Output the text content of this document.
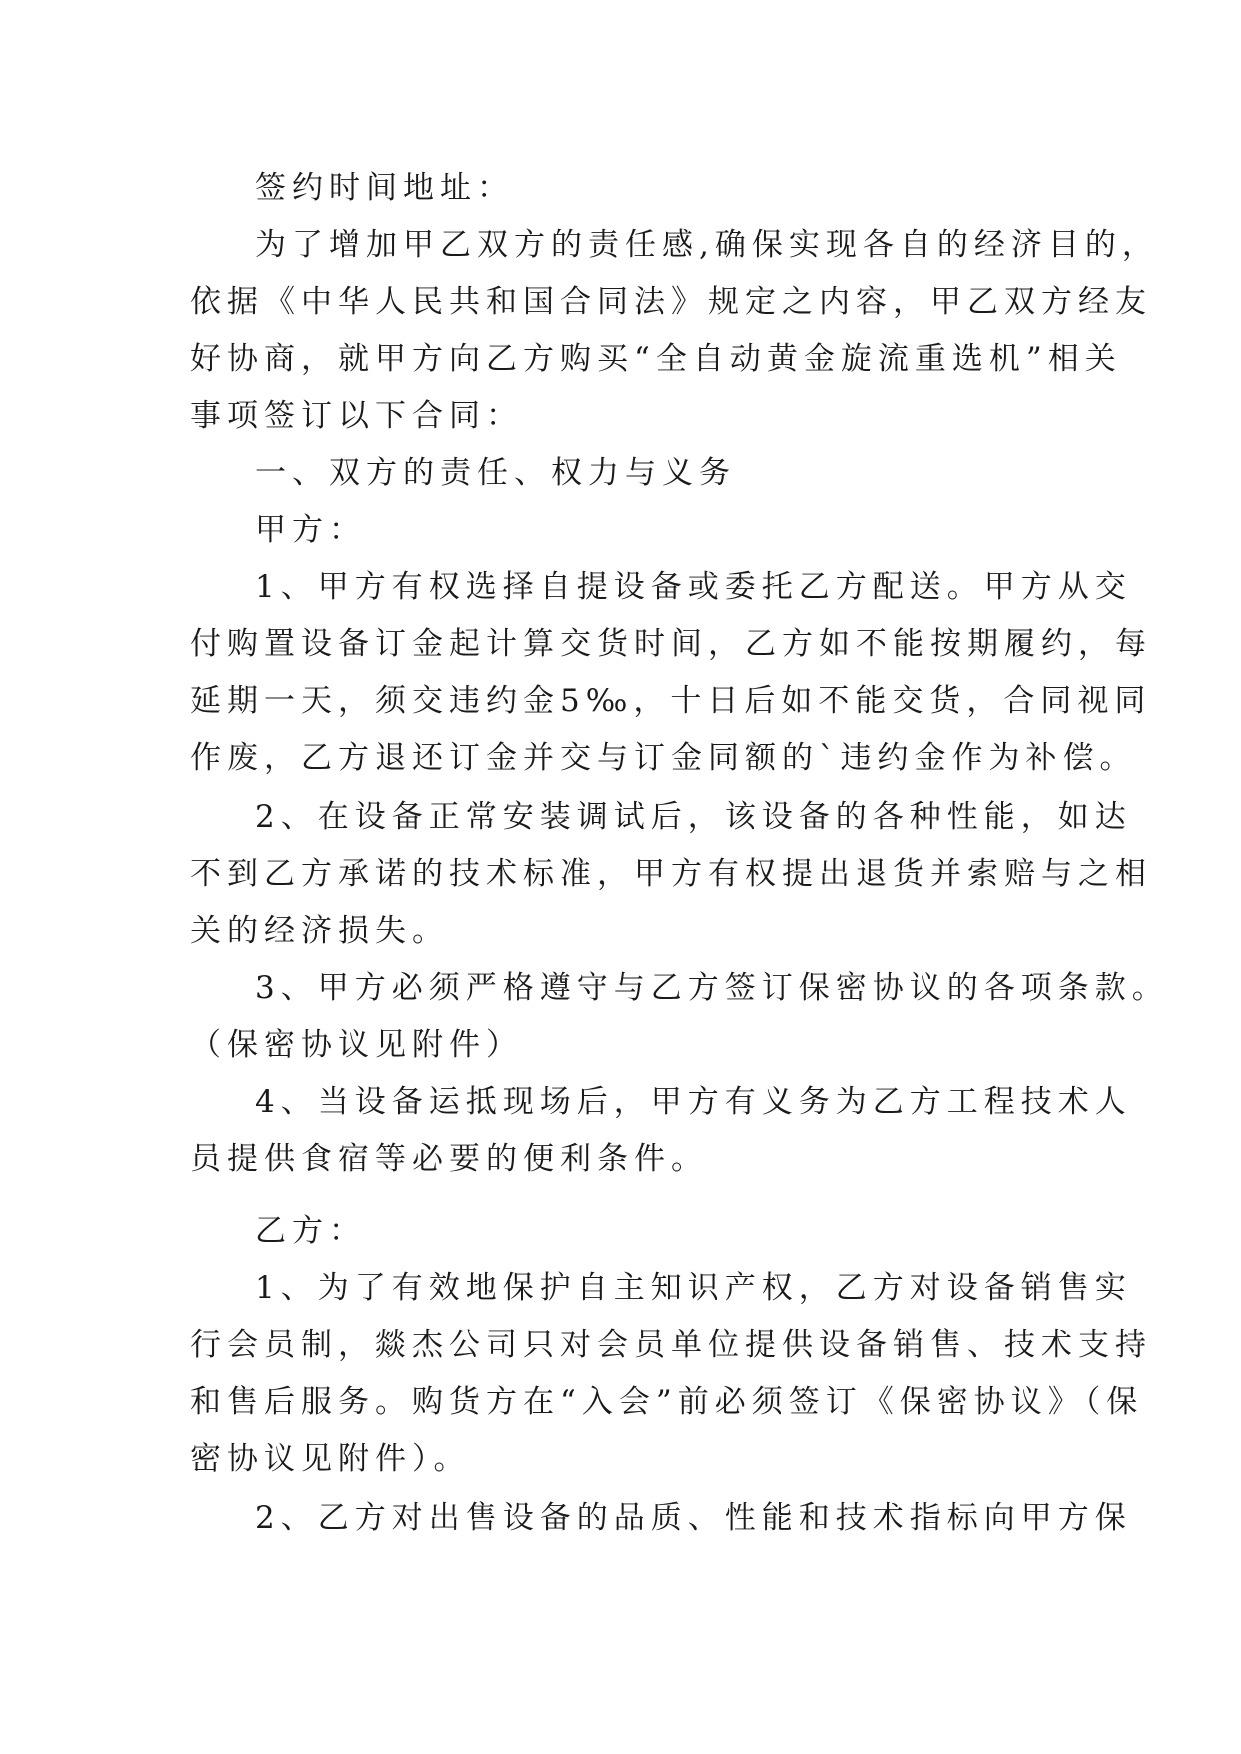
签约时间地址：

为了增加甲乙双方的责任感,确保实现各自的经济目的，

依据《中华人民共和国合同法》规定之内容，甲乙双方经友

好协商，就甲方向乙方购买“全自动黄金旋流重选机”相关

事项签订以下合同：

一、双方的责任、权力与义务

甲方：

1、甲方有权选择自提设备或委托乙方配送。甲方从交

付购置设备订金起计算交货时间，乙方如不能按期履约，每

延期一天，须交违约金5‰，十日后如不能交货，合同视同

作废，乙方退还订金并交与订金同额的`违约金作为补偿。

2、在设备正常安装调试后，该设备的各种性能，如达

不到乙方承诺的技术标准，甲方有权提出退货并索赔与之相

关的经济损失。

3、甲方必须严格遵守与乙方签订保密协议的各项条款。

（保密协议见附件）

4、当设备运抵现场后，甲方有义务为乙方工程技术人

员提供食宿等必要的便利条件。

乙方：

1、为了有效地保护自主知识产权，乙方对设备销售实

行会员制，燚杰公司只对会员单位提供设备销售、技术支持

和售后服务。购货方在“入会”前必须签订《保密协议》（保

密协议见附件）。

2、乙方对出售设备的品质、性能和技术指标向甲方保
